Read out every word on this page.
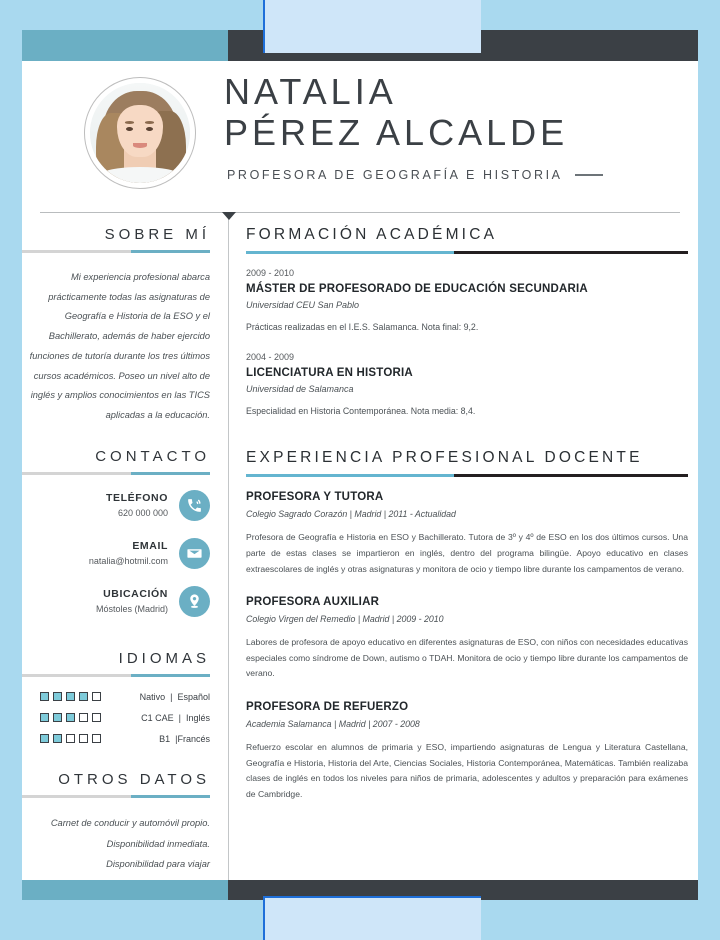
NATALIA
PÉREZ ALCALDE
PROFESORA DE GEOGRAFÍA E HISTORIA
SOBRE MÍ
Mi experiencia profesional abarca prácticamente todas las asignaturas de Geografía e Historia de la ESO y el Bachillerato, además de haber ejercido funciones de tutoría durante los tres últimos cursos académicos. Poseo un nivel alto de inglés y amplios conocimientos en las TICS aplicadas a la educación.
CONTACTO
TELÉFONO
620 000 000
EMAIL
natalia@hotmil.com
UBICACIÓN
Móstoles (Madrid)
IDIOMAS
Nativo  |  Español
C1 CAE  |  Inglés
B1  |Francés
OTROS DATOS
Carnet de conducir y automóvil propio.
Disponibilidad inmediata.
Disponibilidad para viajar
FORMACIÓN ACADÉMICA
2009 - 2010
MÁSTER DE PROFESORADO DE EDUCACIÓN SECUNDARIA
Universidad CEU San Pablo
Prácticas realizadas en el I.E.S. Salamanca. Nota final: 9,2.
2004 - 2009
LICENCIATURA EN HISTORIA
Universidad de Salamanca
Especialidad en Historia Contemporánea. Nota media: 8,4.
EXPERIENCIA PROFESIONAL DOCENTE
PROFESORA Y TUTORA
Colegio Sagrado Corazón | Madrid | 2011 - Actualidad
Profesora de Geografía e Historia en ESO y Bachillerato. Tutora de 3º y 4º de ESO en los dos últimos cursos. Una parte de estas clases se impartieron en inglés, dentro del programa bilingüe. Apoyo educativo en clases extraescolares de inglés y otras asignaturas y monitora de ocio y tiempo libre durante los campamentos de verano.
PROFESORA AUXILIAR
Colegio Virgen del Remedio | Madrid | 2009 - 2010
Labores de profesora de apoyo educativo en diferentes asignaturas de ESO, con niños con necesidades educativas especiales como síndrome de Down, autismo o TDAH. Monitora de ocio y tiempo libre durante los campamentos de verano.
PROFESORA DE REFUERZO
Academia Salamanca | Madrid | 2007 - 2008
Refuerzo escolar en alumnos de primaria y ESO, impartiendo asignaturas de Lengua y Literatura Castellana, Geografía e Historia, Historia del Arte, Ciencias Sociales, Historia Contemporánea, Matemáticas. También realizaba clases de inglés en todos los niveles para niños de primaria, adolescentes y adultos y preparación para exámenes de Cambridge.
